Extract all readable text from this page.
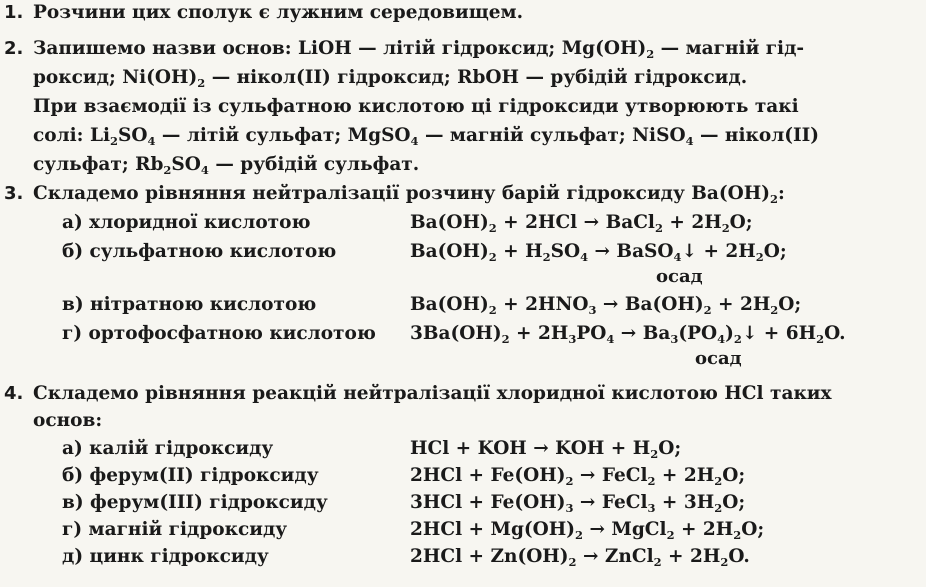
1. Розчини цих сполук є лужним середовищем.
2. Запишемо назви основ: LiOH — літій гідроксид; $Mg(OH)_2$ — магній гід-
роксид; $Ni(OH)_2$ — нікол(II) гідроксид; RbOH — рубідій гідроксид.
При взаємодії із сульфатною кислотою ці гідроксиди утворюють такі
солі: $Li_2SO_4$ — літій сульфат; MgSO$_4$ — магній сульфат; NiSO$_4$ — нікол(II)
сульфат; $Rb_2SO_4$ — рубідій сульфат.
3. Складемо рівняння нейтралізації розчину барій гідроксиду $Ba(OH)_2$:
а) хлоридної кислотою	$Ba(OH)_2 + 2HCl$ → BaCl$_2$ + $2H_2O$;
б) сульфатною кислотою	$Ba(OH)_2 + H_2SO_4$ → BaSO$_4$↓ + $2H_2O$;
осад
в) нітратною кислотою	$Ba(OH)_2 + 2HNO_3 \to Ba(OH)_2 + 2H_2O$;
г) ортофосфатною кислотою $3Ba(OH)_2 + 2H_3PO_4$ → $Ba_3(PO_4)_2↓ + 6H_2O$.
осад
4. Складемо рівняння реакцій нейтралізації хлоридної кислотою HCl таких
основ:
а) калій гідроксиду	HCl + KOH → KOH + $H_2O$;
б) ферум(II) гідроксиду	$2HCl + Fe(OH)_2$ → FeCl$_2$ + $2H_2O$;
в) ферум(III) гідроксиду	$3HCl + Fe(OH)_3$ → FeCl$_3$ + $3H_2O$;
г) магній гідроксиду	$2HCl + Mg(OH)_2$ → MgCl$_2$ + $2H_2O$;
д) цинк гідроксиду	$2HCl + Zn(OH)_2$ → ZnCl$_2$ + $2H_2O$.
